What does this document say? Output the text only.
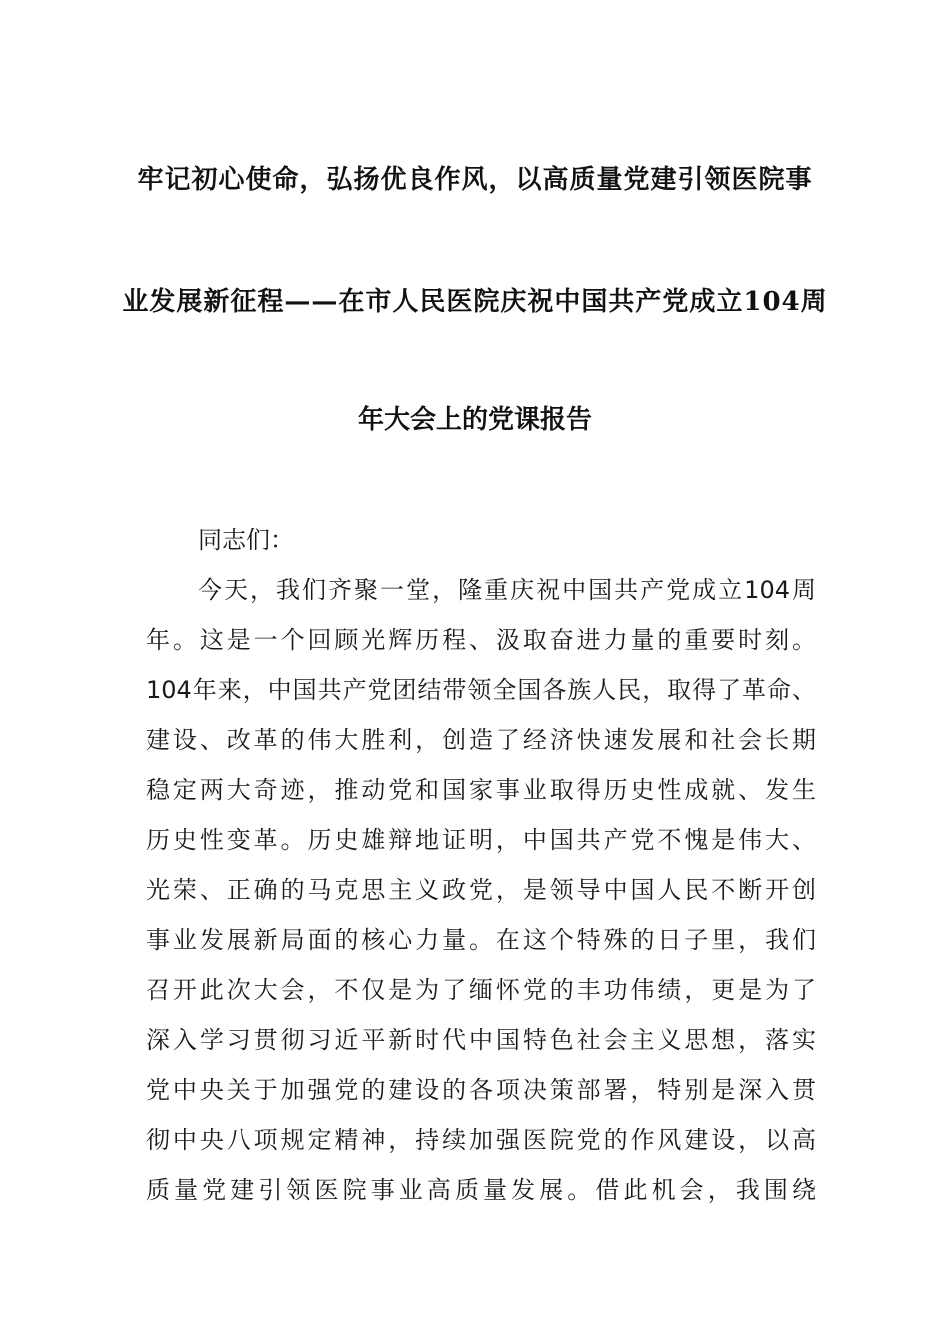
牢记初心使命，弘扬优良作风，以高质量党建引领医院事
业发展新征程——在市人民医院庆祝中国共产党成立104周
年大会上的党课报告
同志们：
今天，我们齐聚一堂，隆重庆祝中国共产党成立104周
年。这是一个回顾光辉历程、汲取奋进力量的重要时刻。
104年来，中国共产党团结带领全国各族人民，取得了革命、
建设、改革的伟大胜利，创造了经济快速发展和社会长期
稳定两大奇迹，推动党和国家事业取得历史性成就、发生
历史性变革。历史雄辩地证明，中国共产党不愧是伟大、
光荣、正确的马克思主义政党，是领导中国人民不断开创
事业发展新局面的核心力量。在这个特殊的日子里，我们
召开此次大会，不仅是为了缅怀党的丰功伟绩，更是为了
深入学习贯彻习近平新时代中国特色社会主义思想，落实
党中央关于加强党的建设的各项决策部署，特别是深入贯
彻中央八项规定精神，持续加强医院党的作风建设，以高
质量党建引领医院事业高质量发展。借此机会，我围绕
